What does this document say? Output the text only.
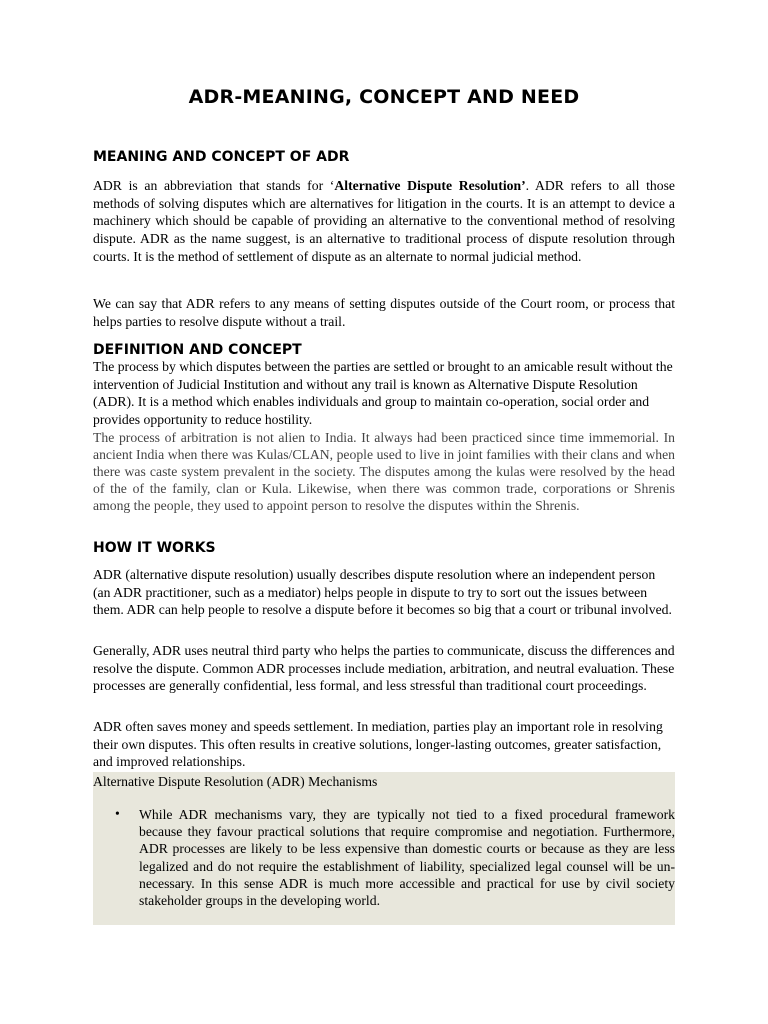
ADR-MEANING, CONCEPT AND NEED
MEANING AND CONCEPT OF ADR

ADR is an abbreviation that stands for ‘Alternative Dispute Resolution’. ADR refers to all those methods of solving disputes which are alternatives for litigation in the courts. It is an attempt to device a machinery which should be capable of providing an alternative to the conventional method of resolving dispute. ADR as the name suggest, is an alternative to traditional process of dispute resolution through courts. It is the method of settlement of dispute as an alternate to normal judicial method.

We can say that ADR refers to any means of setting disputes outside of the Court room, or process that helps parties to resolve dispute without a trail.

DEFINITION AND CONCEPT

The process by which disputes between the parties are settled or brought to an amicable result without the intervention of Judicial Institution and without any trail is known as Alternative Dispute Resolution (ADR). It is a method which enables individuals and group to maintain co-operation, social order and provides opportunity to reduce hostility.

The process of arbitration is not alien to India. It always had been practiced since time immemorial. In ancient India when there was Kulas/CLAN, people used to live in joint families with their clans and when there was caste system prevalent in the society. The disputes among the kulas were resolved by the head of the of the family, clan or Kula. Likewise, when there was common trade, corporations or Shrenis among the people, they used to appoint person to resolve the disputes within the Shrenis.

HOW IT WORKS

ADR (alternative dispute resolution) usually describes dispute resolution where an independent person (an ADR practitioner, such as a mediator) helps people in dispute to try to sort out the issues between them. ADR can help people to resolve a dispute before it becomes so big that a court or tribunal involved.

Generally, ADR uses neutral third party who helps the parties to communicate, discuss the differences and resolve the dispute. Common ADR processes include mediation, arbitration, and neutral evaluation. These processes are generally confidential, less formal, and less stressful than traditional court proceedings.

ADR often saves money and speeds settlement. In mediation, parties play an important role in resolving their own disputes. This often results in creative solutions, longer-lasting outcomes, greater satisfaction, and improved relationships.

Alternative Dispute Resolution (ADR) Mechanisms
• While ADR mechanisms vary, they are typically not tied to a fixed procedural framework because they favour practical solutions that require compromise and negotiation. Furthermore, ADR processes are likely to be less expensive than domestic courts or because as they are less legalized and do not require the establishment of liability, specialized legal counsel will be un-necessary. In this sense ADR is much more accessible and practical for use by civil society stakeholder groups in the developing world.
